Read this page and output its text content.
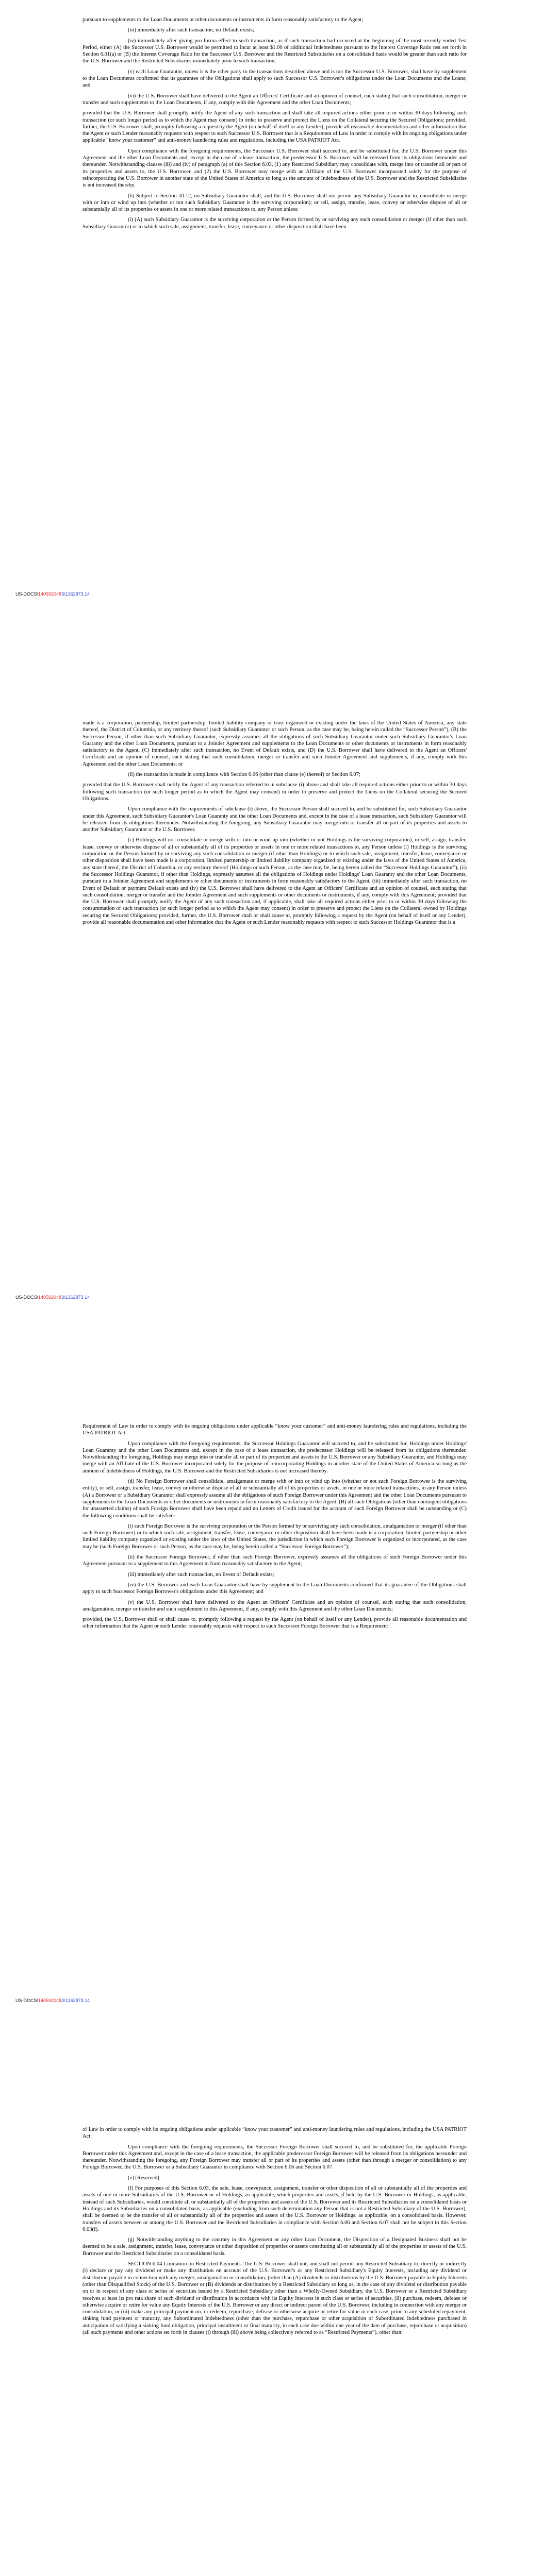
pursuant to supplements to the Loan Documents or other documents or instruments in form reasonably satisfactory to the Agent;

(iii) immediately after such transaction, no Default exists;

(iv) immediately after giving pro forma effect to such transaction, as if such transaction had occurred at the beginning of the most recently ended Test Period, either (A) the Successor U.S. Borrower would be permitted to incur at least $1.00 of additional Indebtedness pursuant to the Interest Coverage Ratio test set forth in Section 6.01(a) or (B) the Interest Coverage Ratio for the Successor U.S. Borrower and the Restricted Subsidiaries on a consolidated basis would be greater than such ratio for the U.S. Borrower and the Restricted Subsidiaries immediately prior to such transaction;

(v) each Loan Guarantor, unless it is the other party to the transactions described above and is not the Successor U.S. Borrower, shall have by supplement to the Loan Documents confirmed that its guarantee of the Obligations shall apply to such Successor U.S. Borrower's obligations under the Loan Documents and the Loans; and

(vi) the U.S. Borrower shall have delivered to the Agent an Officers' Certificate and an opinion of counsel, each stating that such consolidation, merger or transfer and such supplements to the Loan Documents, if any, comply with this Agreement and the other Loan Documents;

provided that the U.S. Borrower shall promptly notify the Agent of any such transaction and shall take all required actions either prior to or within 30 days following such transaction (or such longer period as to which the Agent may consent) in order to preserve and protect the Liens on the Collateral securing the Secured Obligations; provided, further, the U.S. Borrower shall, promptly following a request by the Agent (on behalf of itself or any Lender), provide all reasonable documentation and other information that the Agent or such Lender reasonably requests with respect to such Successor U.S. Borrower that is a Requirement of Law in order to comply with its ongoing obligations under applicable “know your customer” and anti-money laundering rules and regulations, including the USA PATRIOT Act.

Upon compliance with the foregoing requirements, the Successor U.S. Borrower shall succeed to, and be substituted for, the U.S. Borrower under this Agreement and the other Loan Documents and, except in the case of a lease transaction, the predecessor U.S. Borrower will be released from its obligations hereunder and thereunder. Notwithstanding clauses (iii) and (iv) of paragraph (a) of this Section 6.03, (1) any Restricted Subsidiary may consolidate with, merge into or transfer all or part of its properties and assets to, the U.S. Borrower, and (2) the U.S. Borrower may merge with an Affiliate of the U.S. Borrower incorporated solely for the purpose of reincorporating the U.S. Borrower in another state of the United States of America so long as the amount of Indebtedness of the U.S. Borrower and the Restricted Subsidiaries is not increased thereby.

(b) Subject to Section 10.12, no Subsidiary Guarantor shall, and the U.S. Borrower shall not permit any Subsidiary Guarantor to, consolidate or merge with or into or wind up into (whether or not such Subsidiary Guarantor is the surviving corporation); or sell, assign, transfer, lease, convey or otherwise dispose of all or substantially all of its properties or assets in one or more related transactions to, any Person unless:

(i) (A) such Subsidiary Guarantor is the surviving corporation or the Person formed by or surviving any such consolidation or merger (if other than such Subsidiary Guarantor) or to which such sale, assignment, transfer, lease, conveyance or other disposition shall have been

US-DOCS\1405920483\1362873.14

made is a corporation, partnership, limited partnership, limited liability company or trust organized or existing under the laws of the United States of America, any state thereof, the District of Columbia, or any territory thereof (such Subsidiary Guarantor or such Person, as the case may be, being herein called the “Successor Person”), (B) the Successor Person, if other than such Subsidiary Guarantor, expressly assumes all the obligations of such Subsidiary Guarantor under such Subsidiary Guarantor's Loan Guaranty and the other Loan Documents, pursuant to a Joinder Agreement and supplements to the Loan Documents or other documents or instruments in form reasonably satisfactory to the Agent, (C) immediately after such transaction, no Event of Default exists, and (D) the U.S. Borrower shall have delivered to the Agent an Officers' Certificate and an opinion of counsel, each stating that such consolidation, merger or transfer and such Joinder Agreement and supplements, if any, comply with this Agreement and the other Loan Documents; or

(ii) the transaction is made in compliance with Section 6.06 (other than clause (e) thereof) or Section 6.07;

provided that the U.S. Borrower shall notify the Agent of any transaction referred to in subclause (i) above and shall take all required actions either prior to or within 30 days following such transaction (or such longer period as to which the Agent may consent) in order to preserve and protect the Liens on the Collateral securing the Secured Obligations.

Upon compliance with the requirements of subclause (i) above, the Successor Person shall succeed to, and be substituted for, such Subsidiary Guarantor under this Agreement, such Subsidiary Guarantor's Loan Guaranty and the other Loan Documents and, except in the case of a lease transaction, such Subsidiary Guarantor will be released from its obligations thereunder. Notwithstanding the foregoing, any Subsidiary Guarantor may merge into or transfer all or part of its properties and assets to another Subsidiary Guarantor or the U.S. Borrower.

(c) Holdings will not consolidate or merge with or into or wind up into (whether or not Holdings is the surviving corporation), or sell, assign, transfer, lease, convey or otherwise dispose of all or substantially all of its properties or assets in one or more related transactions to, any Person unless (i) Holdings is the surviving corporation or the Person formed by or surviving any such consolidation or merger (if other than Holdings) or to which such sale, assignment, transfer, lease, conveyance or other disposition shall have been made is a corporation, limited partnership or limited liability company organized or existing under the laws of the United States of America, any state thereof, the District of Columbia, or any territory thereof (Holdings or such Person, as the case may be, being herein called the “Successor Holdings Guarantor”), (ii) the Successor Holdings Guarantor, if other than Holdings, expressly assumes all the obligations of Holdings under Holdings' Loan Guaranty and the other Loan Documents, pursuant to a Joinder Agreement and supplements or other documents or instruments in form reasonably satisfactory to the Agent, (iii) immediately after such transaction, no Event of Default or payment Default exists and (iv) the U.S. Borrower shall have delivered to the Agent an Officers' Certificate and an opinion of counsel, each stating that such consolidation, merger or transfer and the Joinder Agreement and such supplements or other documents or instruments, if any, comply with this Agreement; provided that the U.S. Borrower shall promptly notify the Agent of any such transaction and, if applicable, shall take all required actions either prior to or within 30 days following the consummation of such transaction (or such longer period as to which the Agent may consent) in order to preserve and protect the Liens on the Collateral owned by Holdings securing the Secured Obligations; provided, further, the U.S. Borrower shall or shall cause to, promptly following a request by the Agent (on behalf of itself or any Lender), provide all reasonable documentation and other information that the Agent or such Lender reasonably requests with respect to such Successor Holdings Guarantor that is a

US-DOCS\1405920483\1362873.14

Requirement of Law in order to comply with its ongoing obligations under applicable “know your customer” and anti-money laundering rules and regulations, including the USA PATRIOT Act.

Upon compliance with the foregoing requirements, the Successor Holdings Guarantor will succeed to, and be substituted for, Holdings under Holdings' Loan Guaranty and the other Loan Documents and, except in the case of a lease transaction, the predecessor Holdings will be released from its obligations thereunder. Notwithstanding the foregoing, Holdings may merge into or transfer all or part of its properties and assets to the U.S. Borrower or any Subsidiary Guarantor, and Holdings may merge with an Affiliate of the U.S. Borrower incorporated solely for the purpose of reincorporating Holdings in another state of the United States of America so long as the amount of Indebtedness of Holdings, the U.S. Borrower and the Restricted Subsidiaries is not increased thereby.

(d) No Foreign Borrower shall consolidate, amalgamate or merge with or into or wind up into (whether or not such Foreign Borrower is the surviving entity), or sell, assign, transfer, lease, convey or otherwise dispose of all or substantially all of its properties or assets, in one or more related transactions, to any Person unless (A) a Borrower or a Subsidiary Guarantor shall expressly assume all the obligations of such Foreign Borrower under this Agreement and the other Loan Documents pursuant to supplements to the Loan Documents or other documents or instruments in form reasonably satisfactory to the Agent, (B) all such Obligations (other than contingent obligations for unasserted claims) of such Foreign Borrower shall have been repaid and no Letters of Credit issued for the account of such Foreign Borrower shall be outstanding or (C) the following conditions shall be satisfied:

(i) such Foreign Borrower is the surviving corporation or the Person formed by or surviving any such consolidation, amalgamation or merger (if other than such Foreign Borrower) or to which such sale, assignment, transfer, lease, conveyance or other disposition shall have been made is a corporation, limited partnership or other limited liability company organized or existing under the laws of the United States, the jurisdiction in which such Foreign Borrower is organized or incorporated, as the case may be (such Foreign Borrower or such Person, as the case may be, being herein called a “Successor Foreign Borrower”);

(ii) the Successor Foreign Borrower, if other than such Foreign Borrower, expressly assumes all the obligations of such Foreign Borrower under this Agreement pursuant to a supplement to this Agreement in form reasonably satisfactory to the Agent;

(iii) immediately after such transaction, no Event of Default exists;

(iv) the U.S. Borrower and each Loan Guarantor shall have by supplement to the Loan Documents confirmed that its guarantee of the Obligations shall apply to such Successor Foreign Borrower's obligations under this Agreement; and

(v) the U.S. Borrower shall have delivered to the Agent an Officers' Certificate and an opinion of counsel, each stating that such consolidation, amalgamation, merger or transfer and such supplement to this Agreement, if any, comply with this Agreement and the other Loan Documents;

provided, the U.S. Borrower shall or shall cause to, promptly following a request by the Agent (on behalf of itself or any Lender), provide all reasonable documentation and other information that the Agent or such Lender reasonably requests with respect to such Successor Foreign Borrower that is a Requirement

US-DOCS\1405920483\1362873.14

of Law in order to comply with its ongoing obligations under applicable “know your customer” and anti-money laundering rules and regulations, including the USA PATRIOT Act.

Upon compliance with the foregoing requirements, the Successor Foreign Borrower shall succeed to, and be substituted for, the applicable Foreign Borrower under this Agreement and, except in the case of a lease transaction, the applicable predecessor Foreign Borrower will be released from its obligations hereunder and thereunder. Notwithstanding the foregoing, any Foreign Borrower may transfer all or part of its properties and assets (other than through a merger or consolidation) to any Foreign Borrower, the U.S. Borrower or a Subsidiary Guarantor in compliance with Section 6.06 and Section 6.07.

(e) [Reserved].

(f) For purposes of this Section 6.03, the sale, lease, conveyance, assignment, transfer or other disposition of all or substantially all of the properties and assets of one or more Subsidiaries of the U.S. Borrower or of Holdings, as applicable, which properties and assets, if held by the U.S. Borrower or Holdings, as applicable, instead of such Subsidiaries, would constitute all or substantially all of the properties and assets of the U.S. Borrower and its Restricted Subsidiaries on a consolidated basis or Holdings and its Subsidiaries on a consolidated basis, as applicable (excluding from such determination any Person that is not a Restricted Subsidiary of the U.S. Borrower), shall be deemed to be the transfer of all or substantially all of the properties and assets of the U.S. Borrower or Holdings, as applicable, on a consolidated basis. However, transfers of assets between or among the U.S. Borrower and the Restricted Subsidiaries in compliance with Section 6.06 and Section 6.07 shall not be subject to this Section 6.03(f).

(g) Notwithstanding anything to the contrary in this Agreement or any other Loan Document, the Disposition of a Designated Business shall not be deemed to be a sale, assignment, transfer, lease, conveyance or other disposition of properties or assets constituting all or substantially all of the properties or assets of the U.S. Borrower and the Restricted Subsidiaries on a consolidated basis.

SECTION 6.04 Limitation on Restricted Payments. The U.S. Borrower shall not, and shall not permit any Restricted Subsidiary to, directly or indirectly (i) declare or pay any dividend or make any distribution on account of the U.S. Borrower's or any Restricted Subsidiary's Equity Interests, including any dividend or distribution payable in connection with any merger, amalgamation or consolidation, (other than (A) dividends or distributions by the U.S. Borrower payable in Equity Interests (other than Disqualified Stock) of the U.S. Borrower or (B) dividends or distributions by a Restricted Subsidiary so long as, in the case of any dividend or distribution payable on or in respect of any class or series of securities issued by a Restricted Subsidiary other than a Wholly-Owned Subsidiary, the U.S. Borrower or a Restricted Subsidiary receives at least its pro rata share of such dividend or distribution in accordance with its Equity Interests in such class or series of securities, (ii) purchase, redeem, defease or otherwise acquire or retire for value any Equity Interests of the U.S. Borrower or any direct or indirect parent of the U.S. Borrower, including in connection with any merger or consolidation, or (iii) make any principal payment on, or redeem, repurchase, defease or otherwise acquire or retire for value in each case, prior to any scheduled repayment, sinking fund payment or maturity, any Subordinated Indebtedness (other than the purchase, repurchase or other acquisition of Subordinated Indebtedness purchased in anticipation of satisfying a sinking fund obligation, principal installment or final maturity, in each case due within one year of the date of purchase, repurchase or acquisition) (all such payments and other actions set forth in clauses (i) through (iii) above being collectively referred to as “Restricted Payments”), other than:
